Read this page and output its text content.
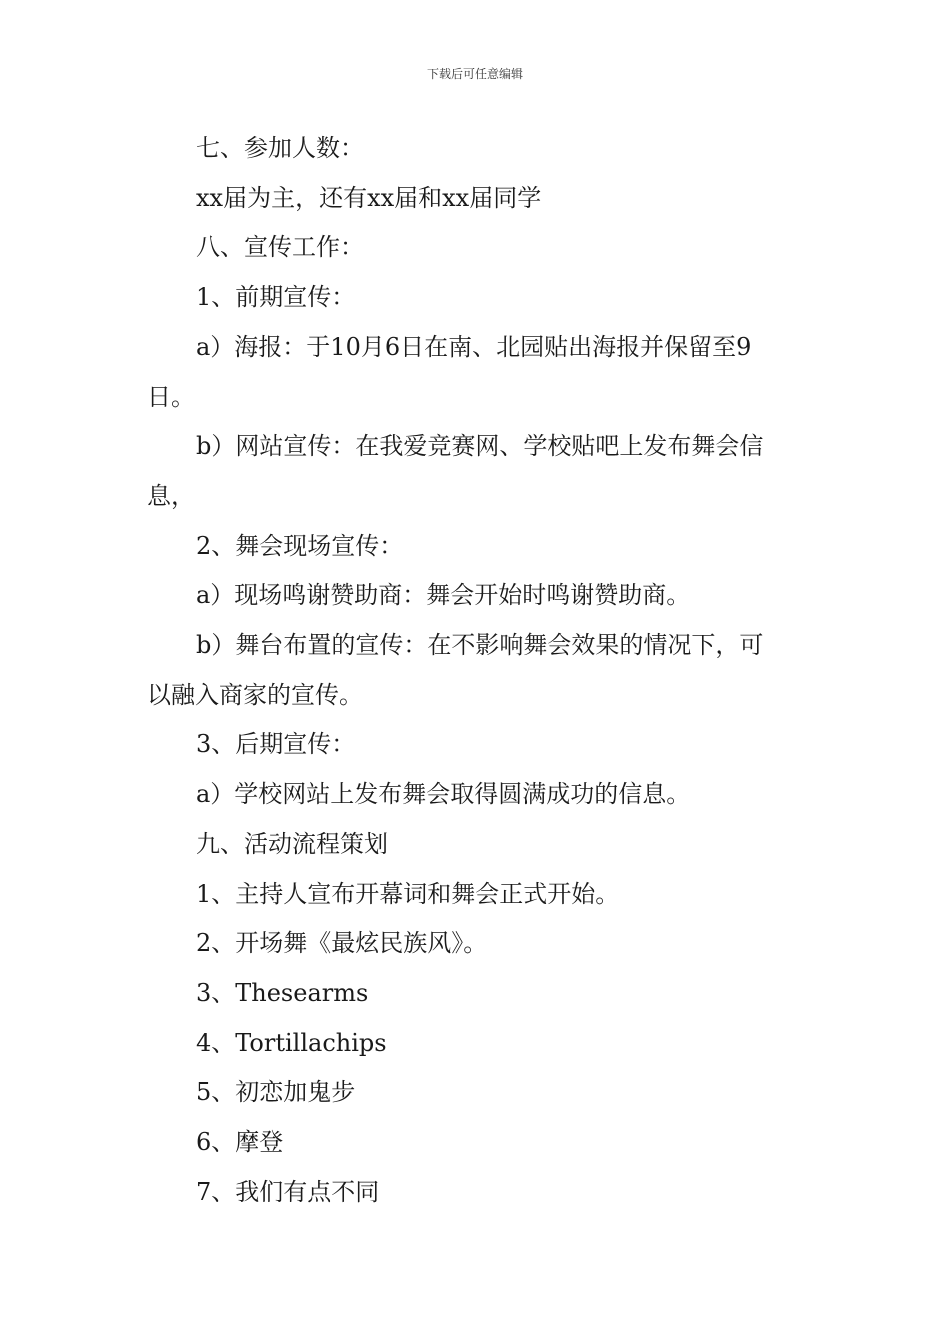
下载后可任意编辑

七、参加人数：

xx届为主，还有xx届和xx届同学

八、宣传工作：

1、前期宣传：

a）海报：于10月6日在南、北园贴出海报并保留至9

日。

b）网站宣传：在我爱竞赛网、学校贴吧上发布舞会信

息，

2、舞会现场宣传：

a）现场鸣谢赞助商：舞会开始时鸣谢赞助商。

b）舞台布置的宣传：在不影响舞会效果的情况下，可

以融入商家的宣传。

3、后期宣传：

a）学校网站上发布舞会取得圆满成功的信息。

九、活动流程策划

1、主持人宣布开幕词和舞会正式开始。

2、开场舞《最炫民族风》。

3、Thesearms

4、Tortillachips

5、初恋加鬼步

6、摩登

7、我们有点不同
